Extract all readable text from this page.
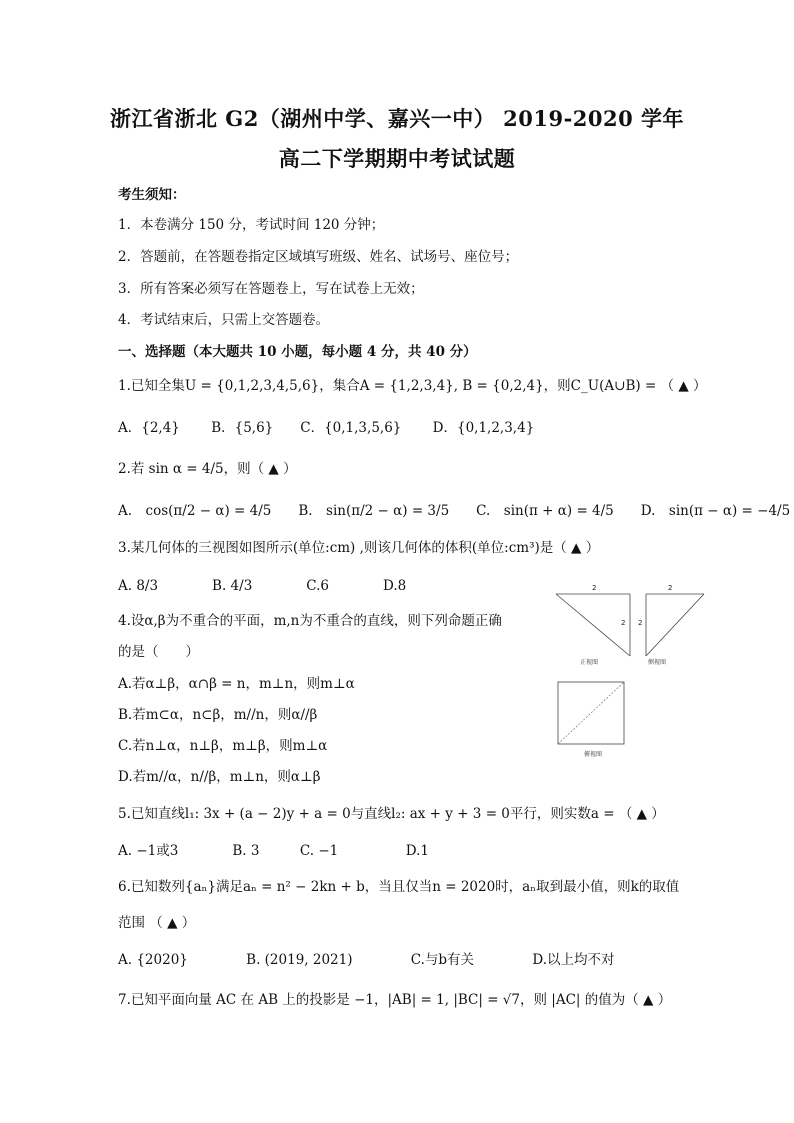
浙江省浙北 G2（湖州中学、嘉兴一中） 2019-2020 学年
高二下学期期中考试试题
考生须知：
1．本卷满分 150 分，考试时间 120 分钟；
2．答题前，在答题卷指定区域填写班级、姓名、试场号、座位号；
3．所有答案必须写在答题卷上，写在试卷上无效；
4．考试结束后，只需上交答题卷。
一、选择题（本大题共 10 小题，每小题 4 分，共 40 分）
1.已知全集U = {0,1,2,3,4,5,6}，集合A = {1,2,3,4}, B = {0,2,4}，则C_U(A∪B) = （ ▲ ）
A．{2,4}　　 B．{5,6}　　C．{0,1,3,5,6}　　 D．{0,1,2,3,4}
2.若 sin α = 4/5，则（ ▲ ）
A.　cos(π/2 − α) = 4/5　　B.　sin(π/2 − α) = 3/5　　C.　sin(π + α) = 4/5　　D.　sin(π − α) = −4/5
3.某几何体的三视图如图所示(单位:cm) ,则该几何体的体积(单位:cm³)是（ ▲ ）
A. 8/3　　　　B. 4/3　　　　C.6　　　　D.8
4.设α,β为不重合的平面，m,n为不重合的直线，则下列命题正确
的是（　　）
A.若α⊥β，α∩β = n，m⊥n，则m⊥α
B.若m⊂α，n⊂β，m//n，则α//β
C.若n⊥α，n⊥β，m⊥β，则m⊥α
D.若m//α，n//β，m⊥n，则α⊥β
5.已知直线l₁: 3x + (a − 2)y + a = 0与直线l₂: ax + y + 3 = 0平行，则实数a = （ ▲ ）
A. −1或3　　　　B. 3　　　C. −1　　　　　D.1
6.已知数列{aₙ}满足aₙ = n² − 2kn + b，当且仅当n = 2020时，aₙ取到最小值，则k的取值
范围 （ ▲ ）
A. {2020}　　　　 B. (2019, 2021)　　　　 C.与b有关　　　　 D.以上均不对
7.已知平面向量 AC 在 AB 上的投影是 −1，|AB| = 1, |BC| = √7，则 |AC| 的值为（ ▲ ）
2
2
正视图
2
2
侧视图
俯视图
